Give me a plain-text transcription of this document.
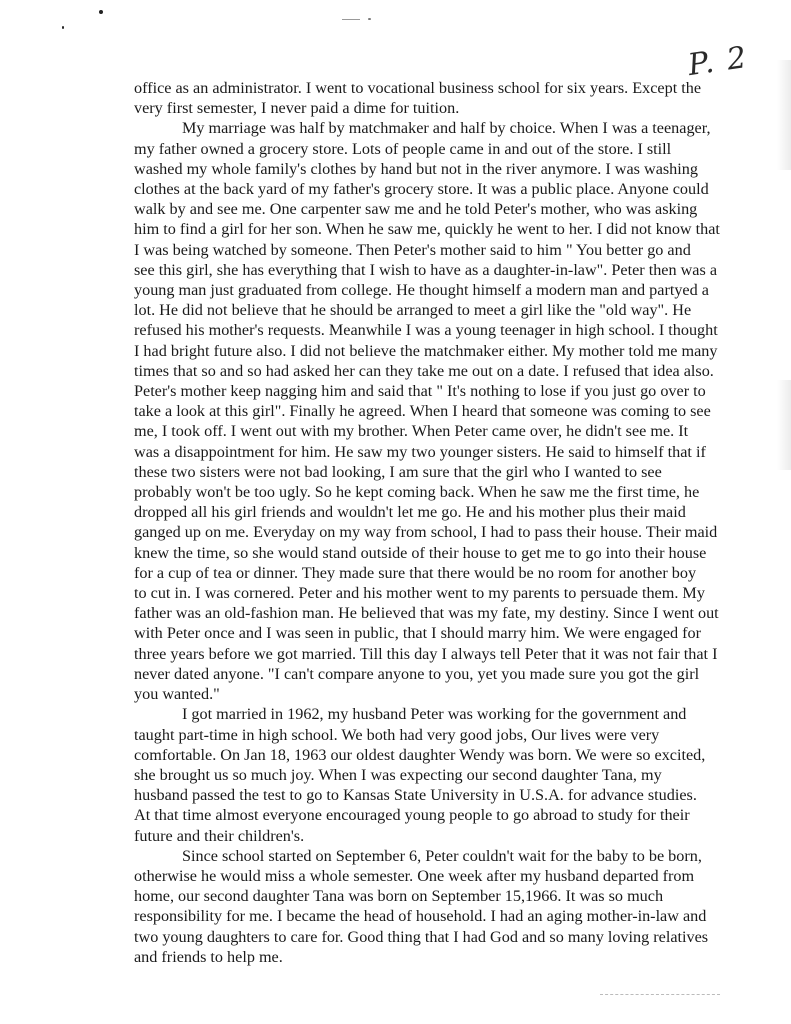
P. 2

office as an administrator. I went to vocational business school for six years. Except the
very first semester, I never paid a dime for tuition.

My marriage was half by matchmaker and half by choice. When I was a teenager,
my father owned a grocery store. Lots of people came in and out of the store. I still
washed my whole family's clothes by hand but not in the river anymore. I was washing
clothes at the back yard of my father's grocery store. It was a public place. Anyone could
walk by and see me. One carpenter saw me and he told Peter's mother, who was asking
him to find a girl for her son. When he saw me, quickly he went to her. I did not know that
I was being watched by someone. Then Peter's mother said to him " You better go and
see this girl, she has everything that I wish to have as a daughter-in-law". Peter then was a
young man just graduated from college. He thought himself a modern man and partyed a
lot. He did not believe that he should be arranged to meet a girl like the "old way". He
refused his mother's requests. Meanwhile I was a young teenager in high school. I thought
I had bright future also. I did not believe the matchmaker either. My mother told me many
times that so and so had asked her can they take me out on a date. I refused that idea also.
Peter's mother keep nagging him and said that " It's nothing to lose if you just go over to
take a look at this girl". Finally he agreed. When I heard that someone was coming to see
me, I took off. I went out with my brother. When Peter came over, he didn't see me. It
was a disappointment for him. He saw my two younger sisters. He said to himself that if
these two sisters were not bad looking, I am sure that the girl who I wanted to see
probably won't be too ugly. So he kept coming back. When he saw me the first time, he
dropped all his girl friends and wouldn't let me go. He and his mother plus their maid
ganged up on me. Everyday on my way from school, I had to pass their house. Their maid
knew the time, so she would stand outside of their house to get me to go into their house
for a cup of tea or dinner. They made sure that there would be no room for another boy
to cut in. I was cornered. Peter and his mother went to my parents to persuade them. My
father was an old-fashion man. He believed that was my fate, my destiny. Since I went out
with Peter once and I was seen in public, that I should marry him. We were engaged for
three years before we got married. Till this day I always tell Peter that it was not fair that I
never dated anyone. "I can't compare anyone to you, yet you made sure you got the girl
you wanted."

I got married in 1962, my husband Peter was working for the government and
taught part-time in high school. We both had very good jobs, Our lives were very
comfortable. On Jan 18, 1963 our oldest daughter Wendy was born. We were so excited,
she brought us so much joy. When I was expecting our second daughter Tana, my
husband passed the test to go to Kansas State University in U.S.A. for advance studies.
At that time almost everyone encouraged young people to go abroad to study for their
future and their children's.

Since school started on September 6, Peter couldn't wait for the baby to be born,
otherwise he would miss a whole semester. One week after my husband departed from
home, our second daughter Tana was born on September 15,1966. It was so much
responsibility for me. I became the head of household. I had an aging mother-in-law and
two young daughters to care for. Good thing that I had God and so many loving relatives
and friends to help me.
